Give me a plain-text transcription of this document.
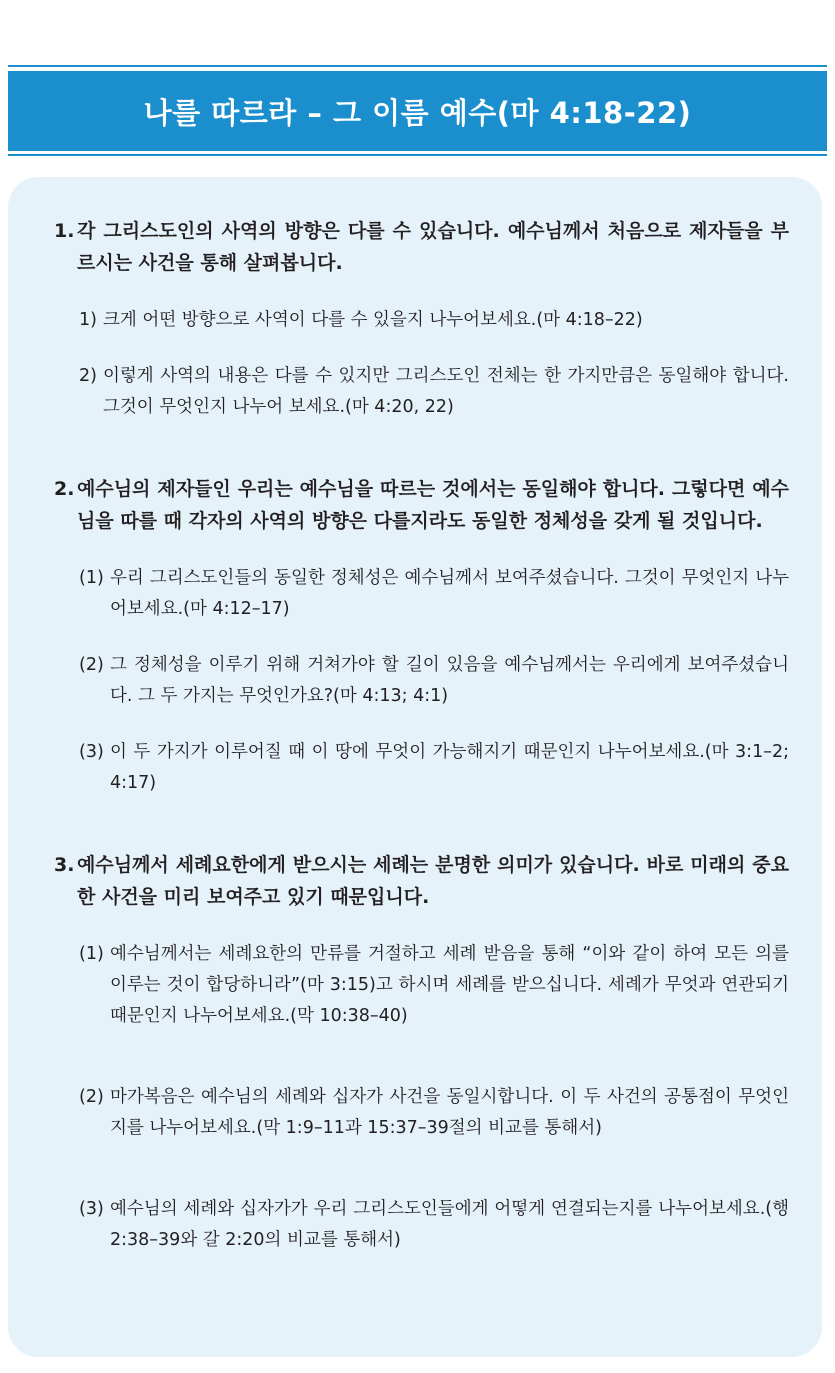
나를 따르라 – 그 이름 예수(마 4:18-22)
1. 각 그리스도인의 사역의 방향은 다를 수 있습니다. 예수님께서 처음으로 제자들을 부르시는 사건을 통해 살펴봅니다.
1) 크게 어떤 방향으로 사역이 다를 수 있을지 나누어보세요.(마 4:18–22)
2) 이렇게 사역의 내용은 다를 수 있지만 그리스도인 전체는 한 가지만큼은 동일해야 합니다. 그것이 무엇인지 나누어 보세요.(마 4:20, 22)
2. 예수님의 제자들인 우리는 예수님을 따르는 것에서는 동일해야 합니다. 그렇다면 예수님을 따를 때 각자의 사역의 방향은 다를지라도 동일한 정체성을 갖게 될 것입니다.
(1) 우리 그리스도인들의 동일한 정체성은 예수님께서 보여주셨습니다. 그것이 무엇인지 나누어보세요.(마 4:12–17)
(2) 그 정체성을 이루기 위해 거쳐가야 할 길이 있음을 예수님께서는 우리에게 보여주셨습니다. 그 두 가지는 무엇인가요?(마 4:13; 4:1)
(3) 이 두 가지가 이루어질 때 이 땅에 무엇이 가능해지기 때문인지 나누어보세요.(마 3:1–2; 4:17)
3. 예수님께서 세례요한에게 받으시는 세례는 분명한 의미가 있습니다. 바로 미래의 중요한 사건을 미리 보여주고 있기 때문입니다.
(1) 예수님께서는 세례요한의 만류를 거절하고 세례 받음을 통해 “이와 같이 하여 모든 의를 이루는 것이 합당하니라”(마 3:15)고 하시며 세례를 받으십니다. 세례가 무엇과 연관되기 때문인지 나누어보세요.(막 10:38–40)
(2) 마가복음은 예수님의 세례와 십자가 사건을 동일시합니다. 이 두 사건의 공통점이 무엇인지를 나누어보세요.(막 1:9–11과 15:37–39절의 비교를 통해서)
(3) 예수님의 세례와 십자가가 우리 그리스도인들에게 어떻게 연결되는지를 나누어보세요.(행 2:38–39와 갈 2:20의 비교를 통해서)
